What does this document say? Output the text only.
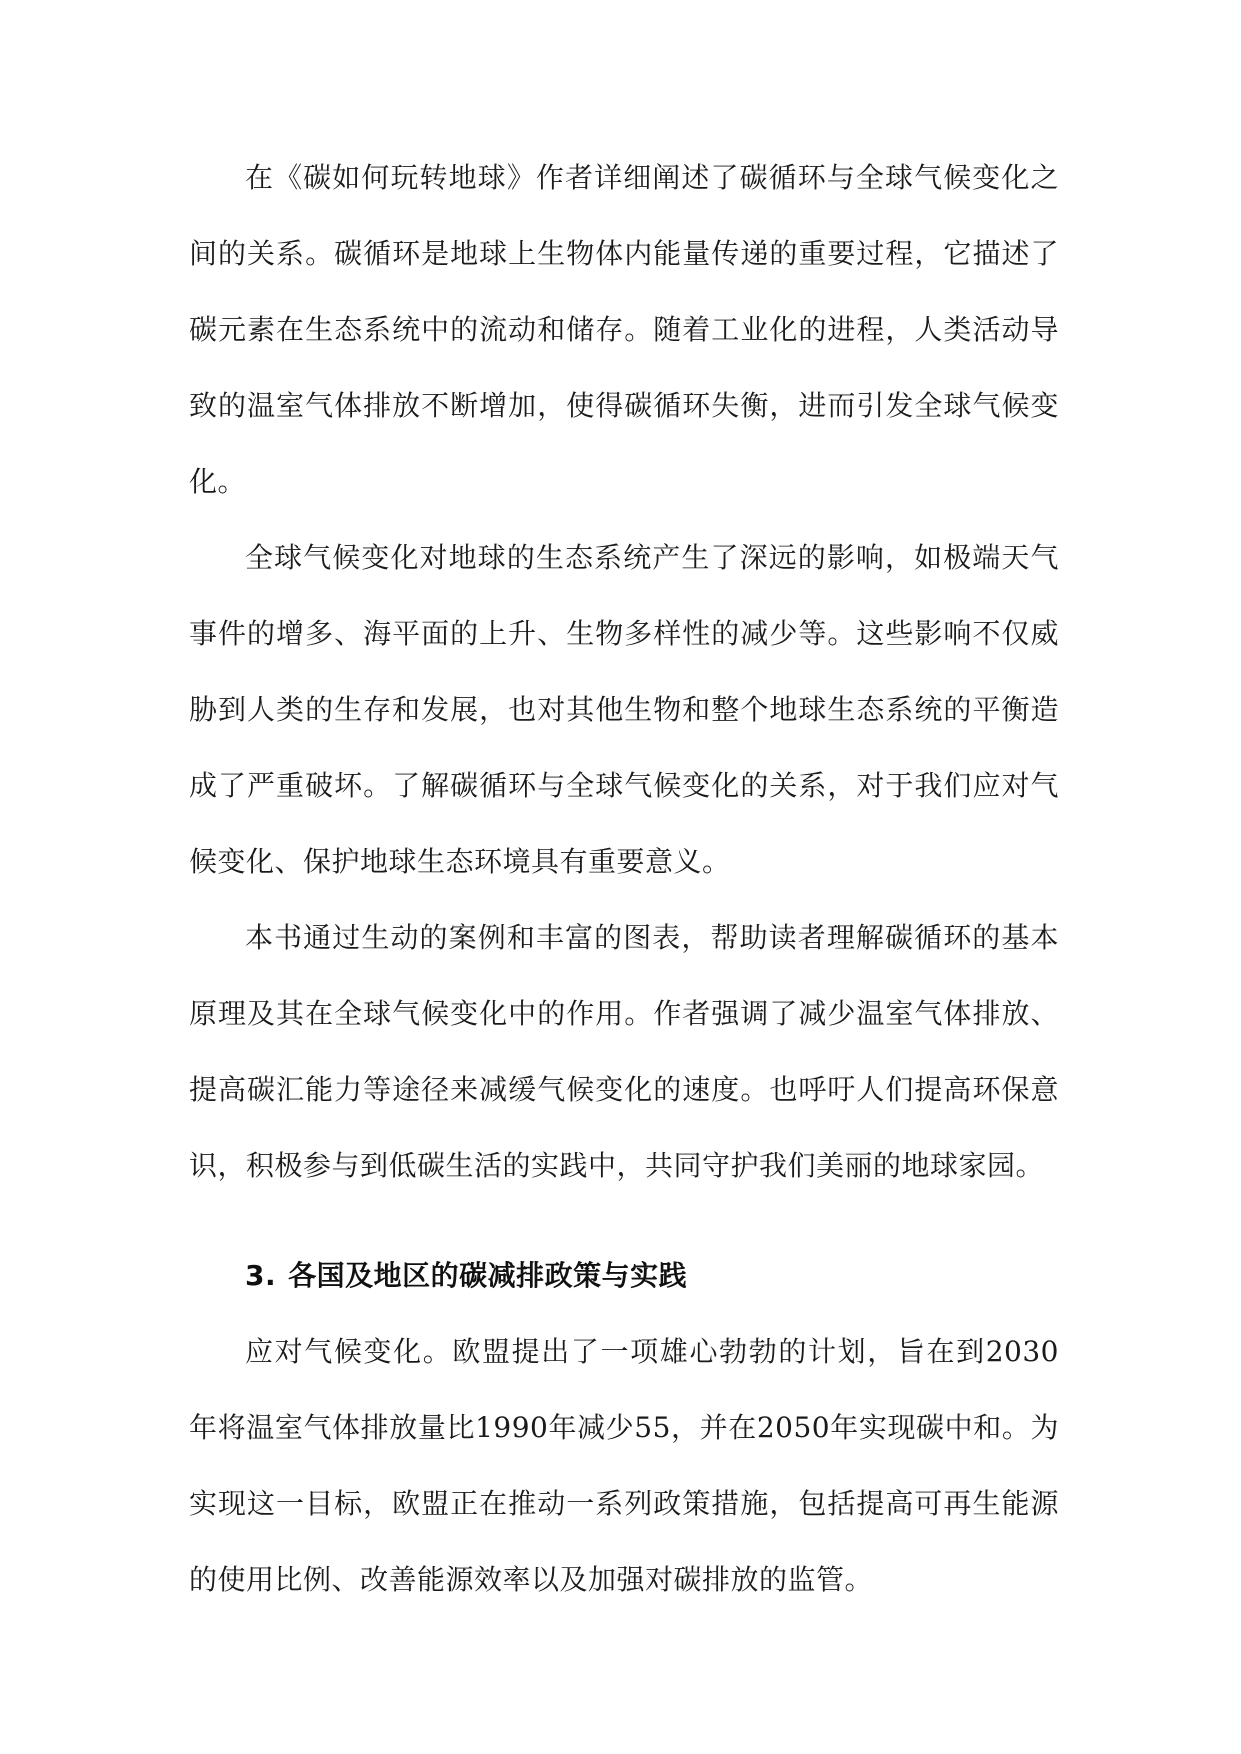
在《碳如何玩转地球》作者详细阐述了碳循环与全球气候变化之间的关系。碳循环是地球上生物体内能量传递的重要过程，它描述了碳元素在生态系统中的流动和储存。随着工业化的进程，人类活动导致的温室气体排放不断增加，使得碳循环失衡，进而引发全球气候变化。

全球气候变化对地球的生态系统产生了深远的影响，如极端天气事件的增多、海平面的上升、生物多样性的减少等。这些影响不仅威胁到人类的生存和发展，也对其他生物和整个地球生态系统的平衡造成了严重破坏。了解碳循环与全球气候变化的关系，对于我们应对气候变化、保护地球生态环境具有重要意义。

本书通过生动的案例和丰富的图表，帮助读者理解碳循环的基本原理及其在全球气候变化中的作用。作者强调了减少温室气体排放、提高碳汇能力等途径来减缓气候变化的速度。也呼吁人们提高环保意识，积极参与到低碳生活的实践中，共同守护我们美丽的地球家园。

3. 各国及地区的碳减排政策与实践

应对气候变化。欧盟提出了一项雄心勃勃的计划，旨在到2030年将温室气体排放量比1990年减少55，并在2050年实现碳中和。为实现这一目标，欧盟正在推动一系列政策措施，包括提高可再生能源的使用比例、改善能源效率以及加强对碳排放的监管。
